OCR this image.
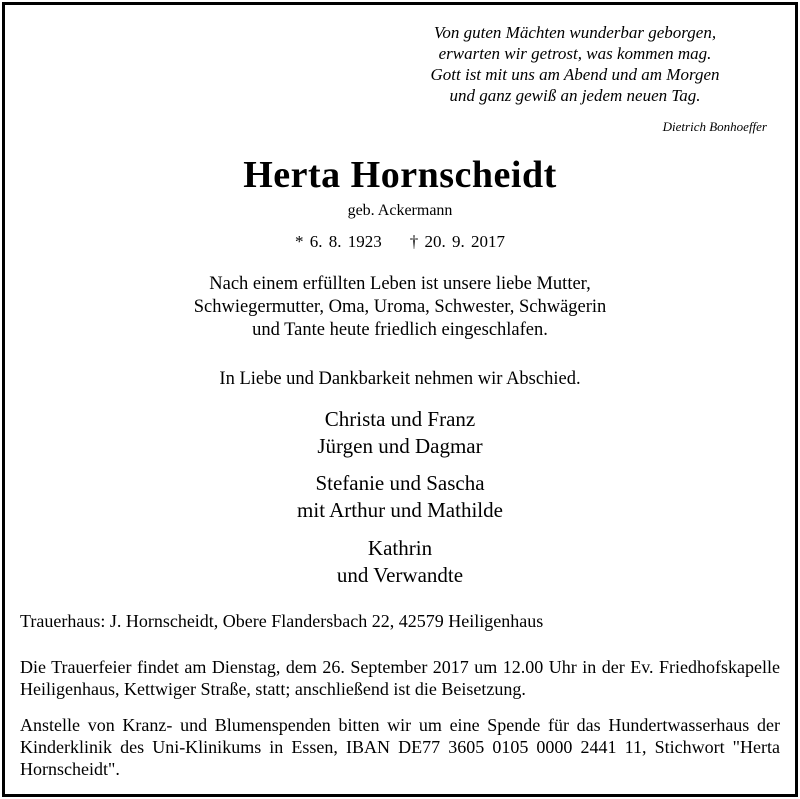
Von guten Mächten wunderbar geborgen,
erwarten wir getrost, was kommen mag.
Gott ist mit uns am Abend und am Morgen
und ganz gewiß an jedem neuen Tag.
Dietrich Bonhoeffer
Herta Hornscheidt
geb. Ackermann
* 6. 8. 1923 † 20. 9. 2017
Nach einem erfüllten Leben ist unsere liebe Mutter,
Schwiegermutter, Oma, Uroma, Schwester, Schwägerin
und Tante heute friedlich eingeschlafen.
In Liebe und Dankbarkeit nehmen wir Abschied.
Christa und Franz
Jürgen und Dagmar
Stefanie und Sascha
mit Arthur und Mathilde
Kathrin
und Verwandte
Trauerhaus: J. Hornscheidt, Obere Flandersbach 22, 42579 Heiligenhaus
Die Trauerfeier findet am Dienstag, dem 26. September 2017 um 12.00 Uhr in der Ev. Friedhofskapelle Heiligenhaus, Kettwiger Straße, statt; anschließend ist die Beisetzung.
Anstelle von Kranz- und Blumenspenden bitten wir um eine Spende für das Hundertwasserhaus der Kinderklinik des Uni-Klinikums in Essen, IBAN DE77 3605 0105 0000 2441 11, Stichwort "Herta Hornscheidt".
